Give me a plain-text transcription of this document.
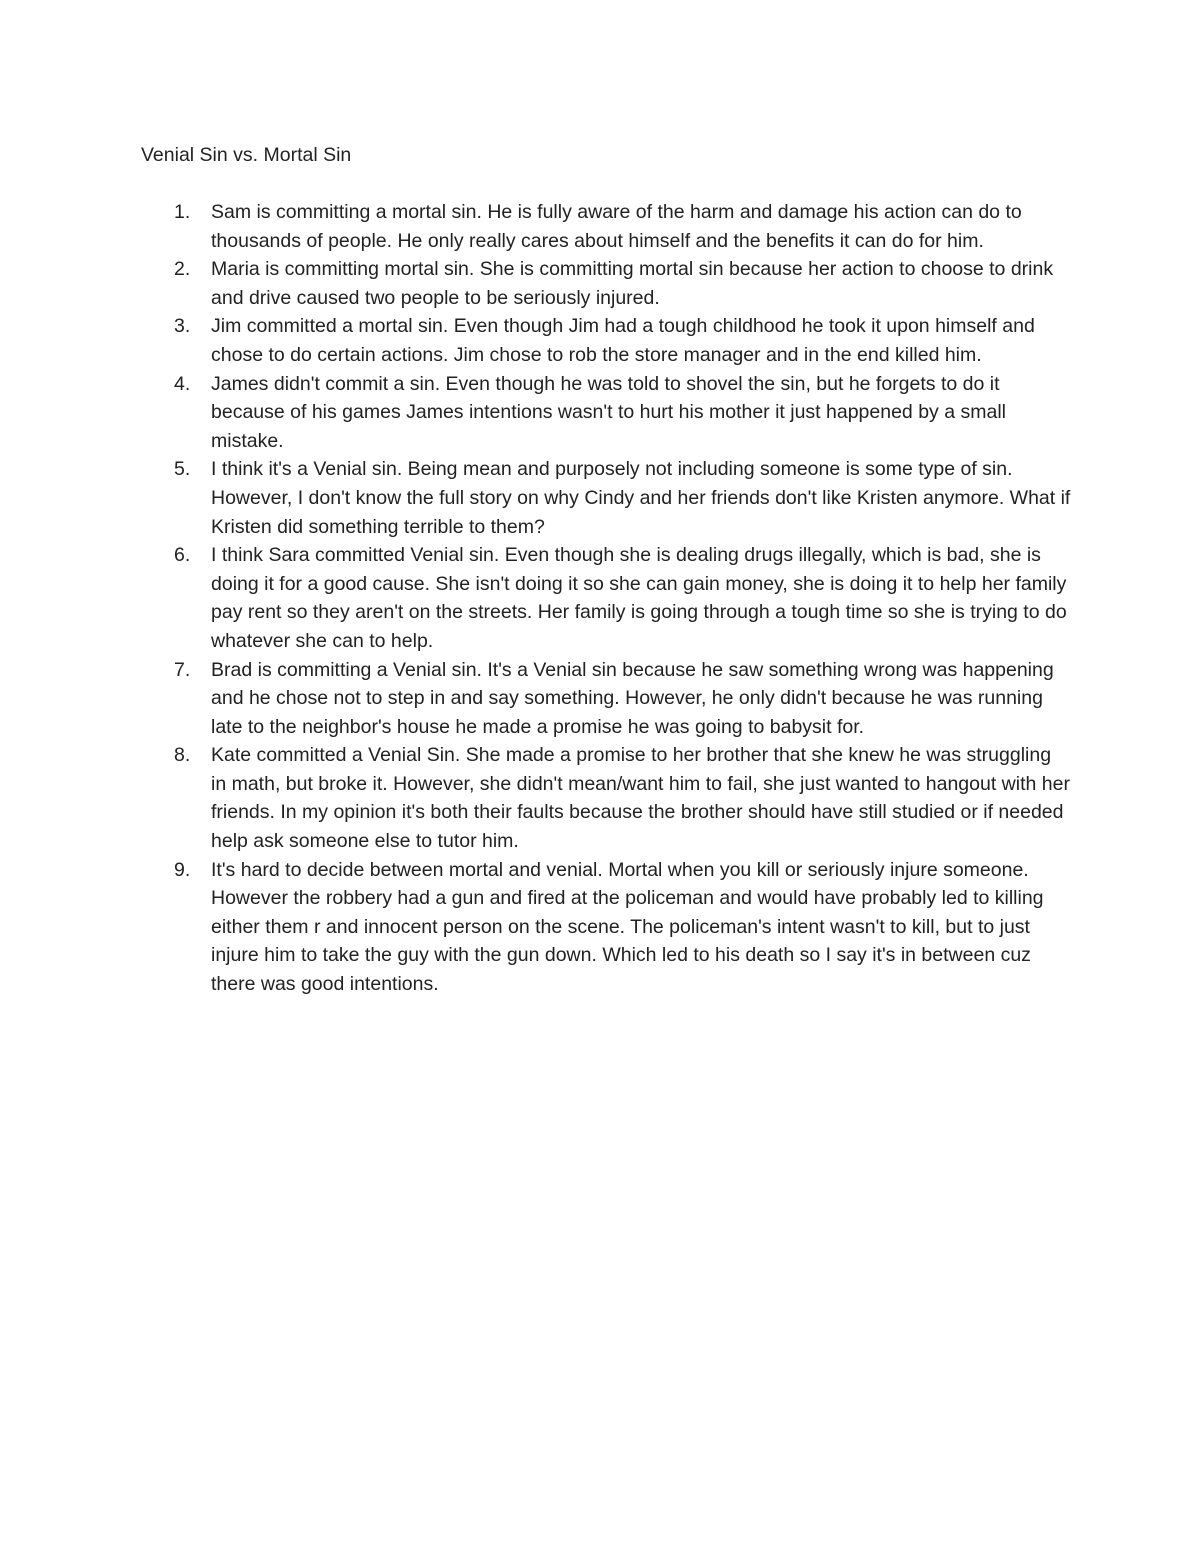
Venial Sin vs. Mortal Sin
1.	Sam is committing a mortal sin. He is fully aware of the harm and damage his action can do to thousands of people. He only really cares about himself and the benefits it can do for him.
2.	Maria is committing mortal sin. She is committing mortal sin because her action to choose to drink and drive caused two people to be seriously injured.
3.	Jim committed a mortal sin. Even though Jim had a tough childhood he took it upon himself and chose to do certain actions. Jim chose to rob the store manager and in the end killed him.
4.	James didn't commit a sin. Even though he was told to shovel the sin, but he forgets to do it because of his games James intentions wasn't to hurt his mother it just happened by a small mistake.
5.	I think it's a Venial sin. Being mean and purposely not including someone is some type of sin. However, I don't know the full story on why Cindy and her friends don't like Kristen anymore. What if Kristen did something terrible to them?
6.	I think Sara committed Venial sin. Even though she is dealing drugs illegally, which is bad, she is doing it for a good cause. She isn't doing it so she can gain money, she is doing it to help her family pay rent so they aren't on the streets. Her family is going through a tough time so she is trying to do whatever she can to help.
7.	Brad is committing a Venial sin. It's a Venial sin because he saw something wrong was happening and he chose not to step in and say something. However, he only didn't because he was running late to the neighbor's house he made a promise he was going to babysit for.
8.	Kate committed a Venial Sin. She made a promise to her brother that she knew he was struggling in math, but broke it. However, she didn't mean/want him to fail, she just wanted to hangout with her friends. In my opinion it's both their faults because the brother should have still studied or if needed help ask someone else to tutor him.
9.	It's hard to decide between mortal and venial. Mortal when you kill or seriously injure someone. However the robbery had a gun and fired at the policeman and would have probably led to killing either them r and innocent person on the scene. The policeman's intent wasn't to kill, but to just injure him to take the guy with the gun down. Which led to his death so I say it's in between cuz there was good intentions.
